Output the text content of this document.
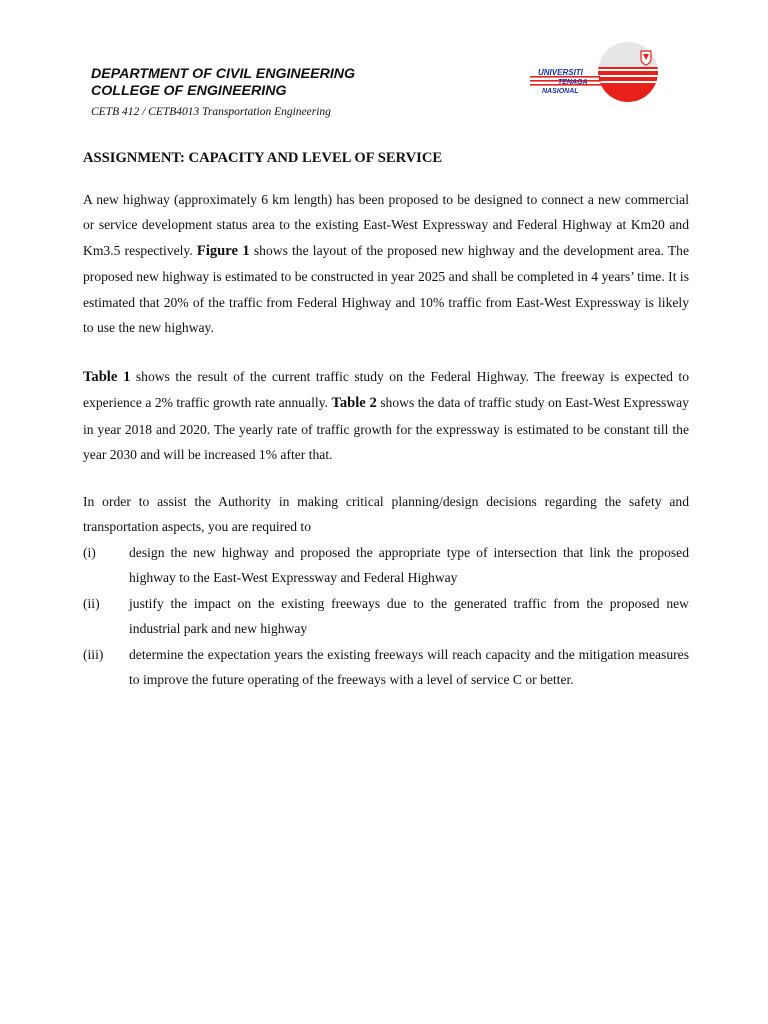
DEPARTMENT OF CIVIL ENGINEERING
COLLEGE OF ENGINEERING
CETB 412 / CETB4013 Transportation Engineering
UNIVERSITI
TENAGA
NASIONAL
ASSIGNMENT: CAPACITY AND LEVEL OF SERVICE

A new highway (approximately 6 km length) has been proposed to be designed to connect a new commercial or service development status area to the existing East-West Expressway and Federal Highway at Km20 and Km3.5 respectively. Figure 1 shows the layout of the proposed new highway and the development area. The proposed new highway is estimated to be constructed in year 2025 and shall be completed in 4 years’ time. It is estimated that 20% of the traffic from Federal Highway and 10% traffic from East-West Expressway is likely to use the new highway.

Table 1 shows the result of the current traffic study on the Federal Highway. The freeway is expected to experience a 2% traffic growth rate annually. Table 2 shows the data of traffic study on East-West Expressway in year 2018 and 2020. The yearly rate of traffic growth for the expressway is estimated to be constant till the year 2030 and will be increased 1% after that.

In order to assist the Authority in making critical planning/design decisions regarding the safety and transportation aspects, you are required to

(i) design the new highway and proposed the appropriate type of intersection that link the proposed highway to the East-West Expressway and Federal Highway
(ii) justify the impact on the existing freeways due to the generated traffic from the proposed new industrial park and new highway
(iii) determine the expectation years the existing freeways will reach capacity and the mitigation measures to improve the future operating of the freeways with a level of service C or better.
